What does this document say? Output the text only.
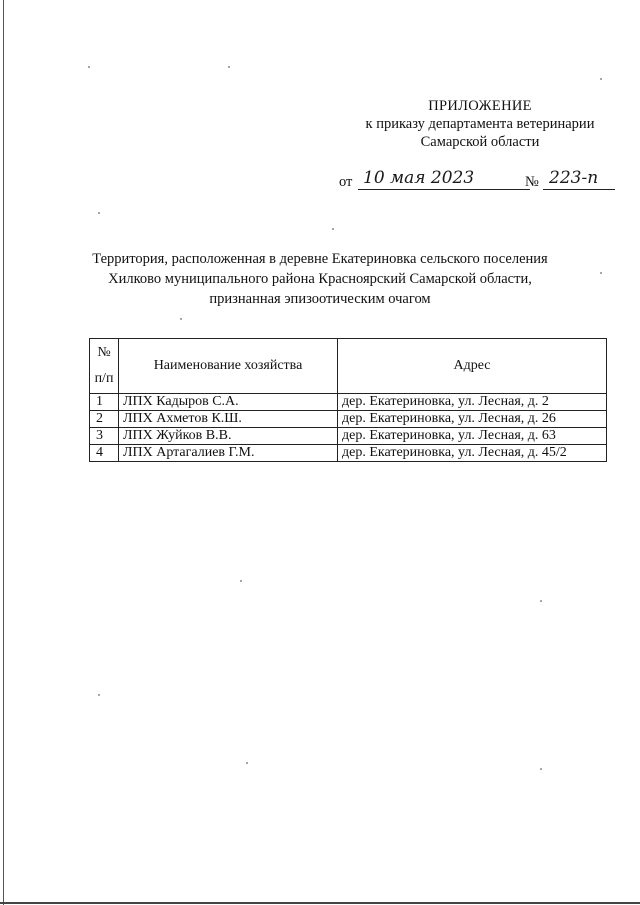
ПРИЛОЖЕНИЕ
к приказу департамента ветеринарии
Самарской области
от 10 мая 2023	№ 223-п
Территория, расположенная в деревне Екатериновка сельского поселения
Хилково муниципального района Красноярский Самарской области,
признанная эпизоотическим очагом
№
п/п	Наименование хозяйства	Адрес
1	ЛПХ Кадыров С.А.	дер. Екатериновка, ул. Лесная, д. 2
2	ЛПХ Ахметов К.Ш.	дер. Екатериновка, ул. Лесная, д. 26
3	ЛПХ Жуйков В.В.	дер. Екатериновка, ул. Лесная, д. 63
4	ЛПХ Артагалиев Г.М.	дер. Екатериновка, ул. Лесная, д. 45/2
